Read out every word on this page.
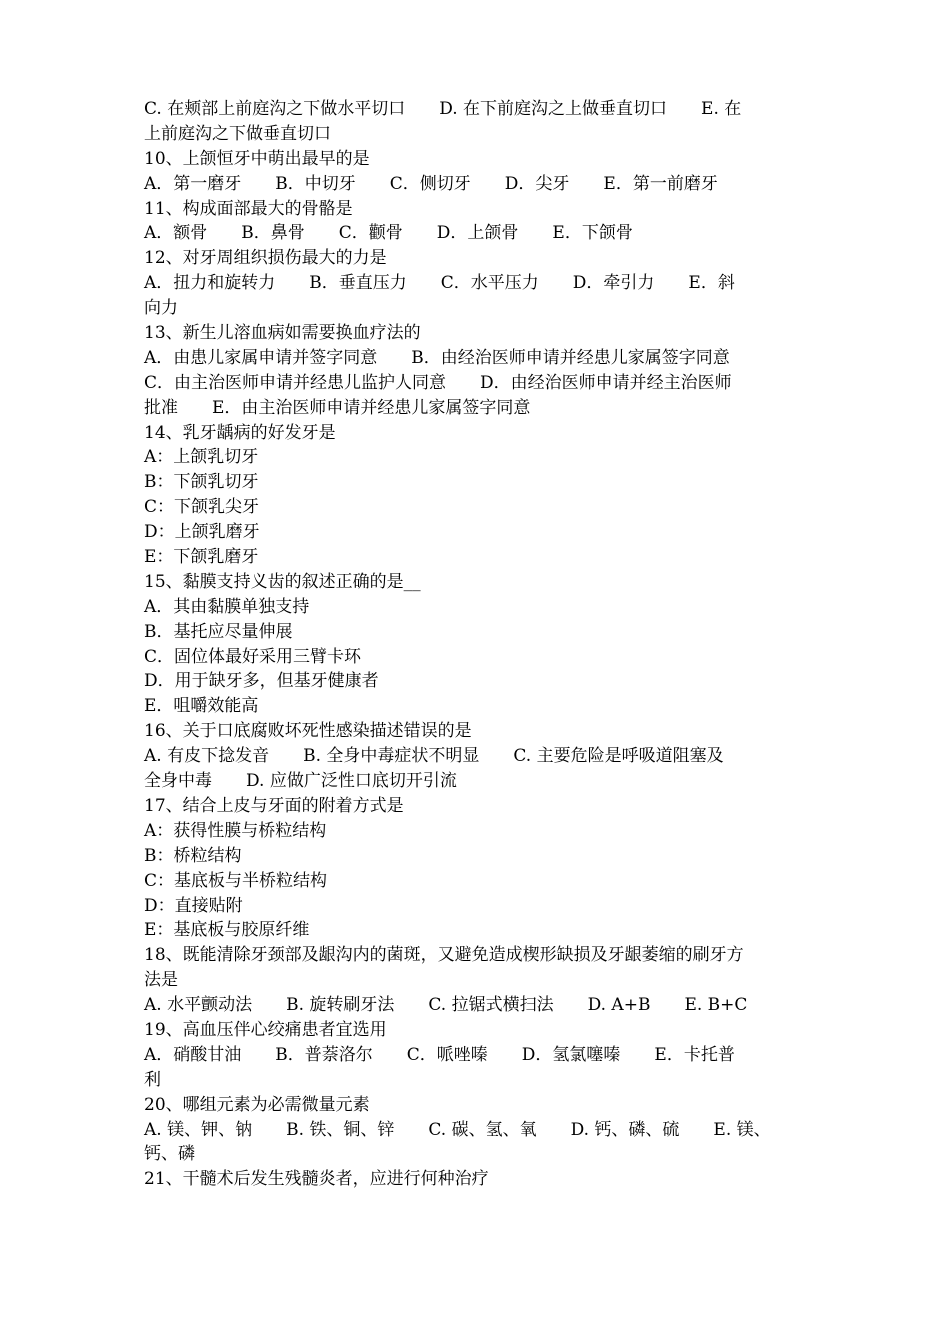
C. 在颊部上前庭沟之下做水平切口　　D. 在下前庭沟之上做垂直切口　　E. 在
上前庭沟之下做垂直切口
10、上颌恒牙中萌出最早的是
A．第一磨牙　　B．中切牙　　C．侧切牙　　D．尖牙　　E．第一前磨牙
11、构成面部最大的骨骼是
A．额骨　　B．鼻骨　　C．颧骨　　D．上颌骨　　E．下颌骨
12、对牙周组织损伤最大的力是
A．扭力和旋转力　　B．垂直压力　　C．水平压力　　D．牵引力　　E．斜
向力
13、新生儿溶血病如需要换血疗法的
A．由患儿家属申请并签字同意　　B．由经治医师申请并经患儿家属签字同意
C．由主治医师申请并经患儿监护人同意　　D．由经治医师申请并经主治医师
批准　　E．由主治医师申请并经患儿家属签字同意
14、乳牙龋病的好发牙是
A：上颌乳切牙
B：下颌乳切牙
C：下颌乳尖牙
D：上颌乳磨牙
E：下颌乳磨牙
15、黏膜支持义齿的叙述正确的是__
A．其由黏膜单独支持
B．基托应尽量伸展
C．固位体最好采用三臂卡环
D．用于缺牙多，但基牙健康者
E．咀嚼效能高
16、关于口底腐败坏死性感染描述错误的是
A. 有皮下捻发音　　B. 全身中毒症状不明显　　C. 主要危险是呼吸道阻塞及
全身中毒　　D. 应做广泛性口底切开引流
17、结合上皮与牙面的附着方式是
A：获得性膜与桥粒结构
B：桥粒结构
C：基底板与半桥粒结构
D：直接贴附
E：基底板与胶原纤维
18、既能清除牙颈部及龈沟内的菌斑，又避免造成楔形缺损及牙龈萎缩的刷牙方
法是
A. 水平颤动法　　B. 旋转刷牙法　　C. 拉锯式横扫法　　D. A+B　　E. B+C
19、高血压伴心绞痛患者宜选用
A．硝酸甘油　　B．普萘洛尔　　C．哌唑嗪　　D．氢氯噻嗪　　E．卡托普
利
20、哪组元素为必需微量元素
A. 镁、钾、钠　　B. 铁、铜、锌　　C. 碳、氢、氧　　D. 钙、磷、硫　　E. 镁、
钙、磷
21、干髓术后发生残髓炎者，应进行何种治疗
